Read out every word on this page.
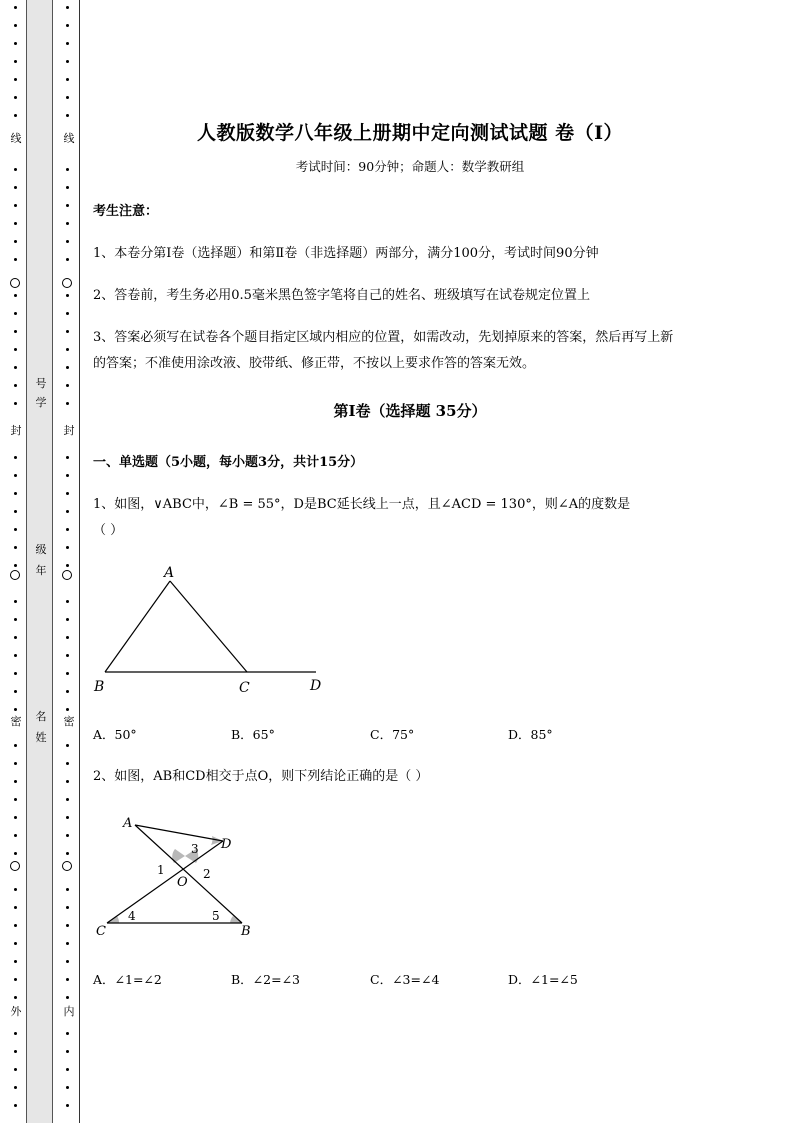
线
封
密
外
线
封
密
内
号
学
级
年
名
姓
人教版数学八年级上册期中定向测试试题 卷（Ⅰ）
考试时间：90分钟；命题人：数学教研组
考生注意：
1、本卷分第Ⅰ卷（选择题）和第Ⅱ卷（非选择题）两部分，满分100分，考试时间90分钟
2、答卷前，考生务必用0.5毫米黑色签字笔将自己的姓名、班级填写在试卷规定位置上
3、答案必须写在试卷各个题目指定区域内相应的位置，如需改动，先划掉原来的答案，然后再写上新
的答案；不准使用涂改液、胶带纸、修正带，不按以上要求作答的答案无效。
第Ⅰ卷（选择题 35分）
一、单选题（5小题，每小题3分，共计15分）
1、如图，∨ABC中，∠B = 55°，D是BC延长线上一点，且∠ACD = 130°，则∠A的度数是
（ ）
A
B	C	D
A．50°	B．65°	C．75°	D．85°
2、如图，AB和CD相交于点O，则下列结论正确的是（ ）
A
D
O
C	B
1	2
3
4	5
A．∠1=∠2	B．∠2=∠3	C．∠3=∠4	D．∠1=∠5
